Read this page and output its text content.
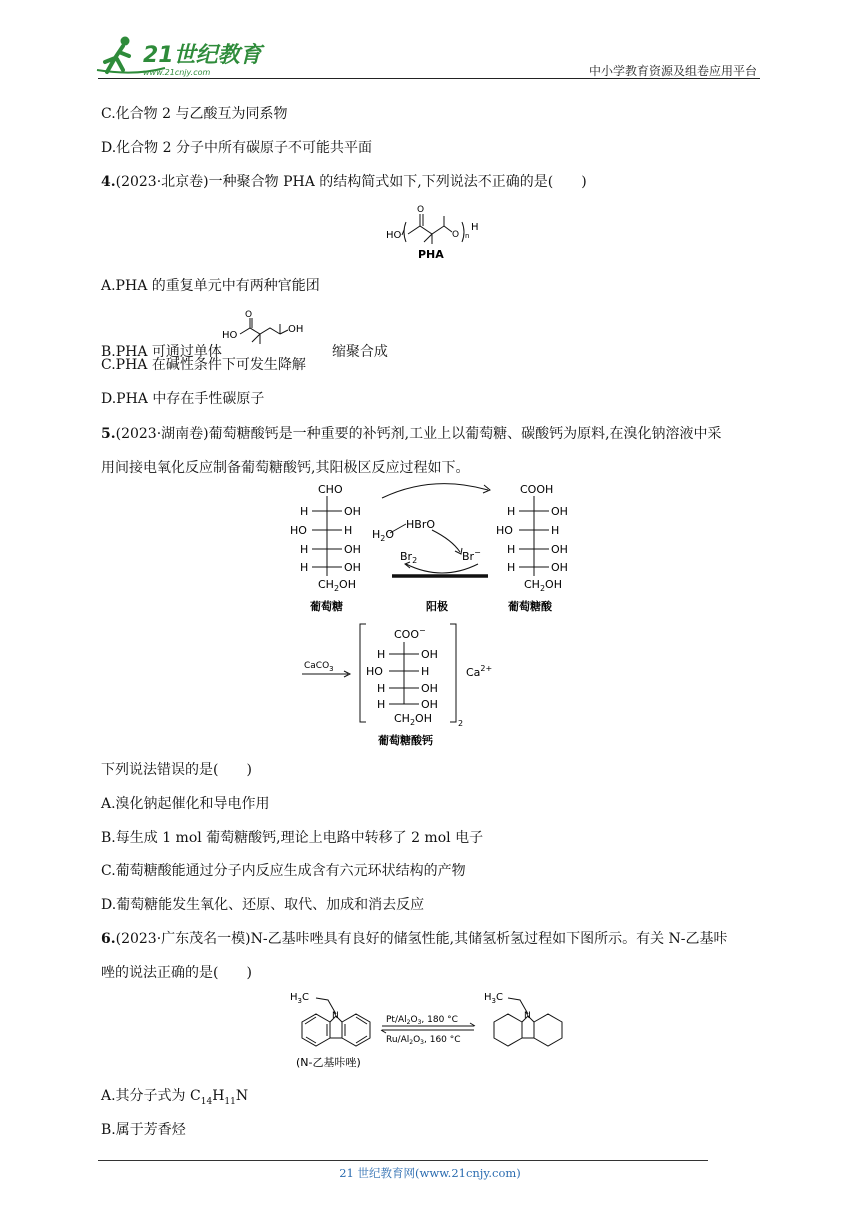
21世纪教育
www.21cnjy.com	中小学教育资源及组卷应用平台
C.化合物 2 与乙酸互为同系物
D.化合物 2 分子中所有碳原子不可能共平面
4.(2023·北京卷)一种聚合物 PHA 的结构简式如下,下列说法不正确的是(　　)
HO
O
O n
H
PHA
A.PHA 的重复单元中有两种官能团
B.PHA 可通过单体
HO
OH
O
缩聚合成
C.PHA 在碱性条件下可发生降解
D.PHA 中存在手性碳原子
5.(2023·湖南卷)葡萄糖酸钙是一种重要的补钙剂,工业上以葡萄糖、碳酸钙为原料,在溴化钠溶液中采
用间接电氧化反应制备葡萄糖酸钙,其阳极区反应过程如下。
CHO
H	OH
HO	H
H	OH
H	OH
$CH_2OH$
COOH
H	OH
HO	H
H	OH
H	OH
$CH_2OH$
HBrO
$H_2O$
$Br_2$	Br−
葡萄糖	阳极	葡萄糖酸
CaCO$_3$
2
COO−
H	OH
HO	H
H	OH
H	OH
$CH_2OH$
$Ca^{2+}$
葡萄糖酸钙
下列说法错误的是(　　)
A.溴化钠起催化和导电作用
B.每生成 1 mol 葡萄糖酸钙,理论上电路中转移了 2 mol 电子
C.葡萄糖酸能通过分子内反应生成含有六元环状结构的产物
D.葡萄糖能发生氧化、还原、取代、加成和消去反应
6.(2023·广东茂名一模)N-乙基咔唑具有良好的储氢性能,其储氢析氢过程如下图所示。有关 N-乙基咔
唑的说法正确的是(　　)
$H_3C$
N
$H_3C$
N
$Pt/Al_2O_3$, 180 °C
$Ru/Al_2O_3$, 160 °C
(N-乙基咔唑)
A.其分子式为 $C_{14}H_{11}N$
B.属于芳香烃
21 世纪教育网(www.21cnjy.com)
